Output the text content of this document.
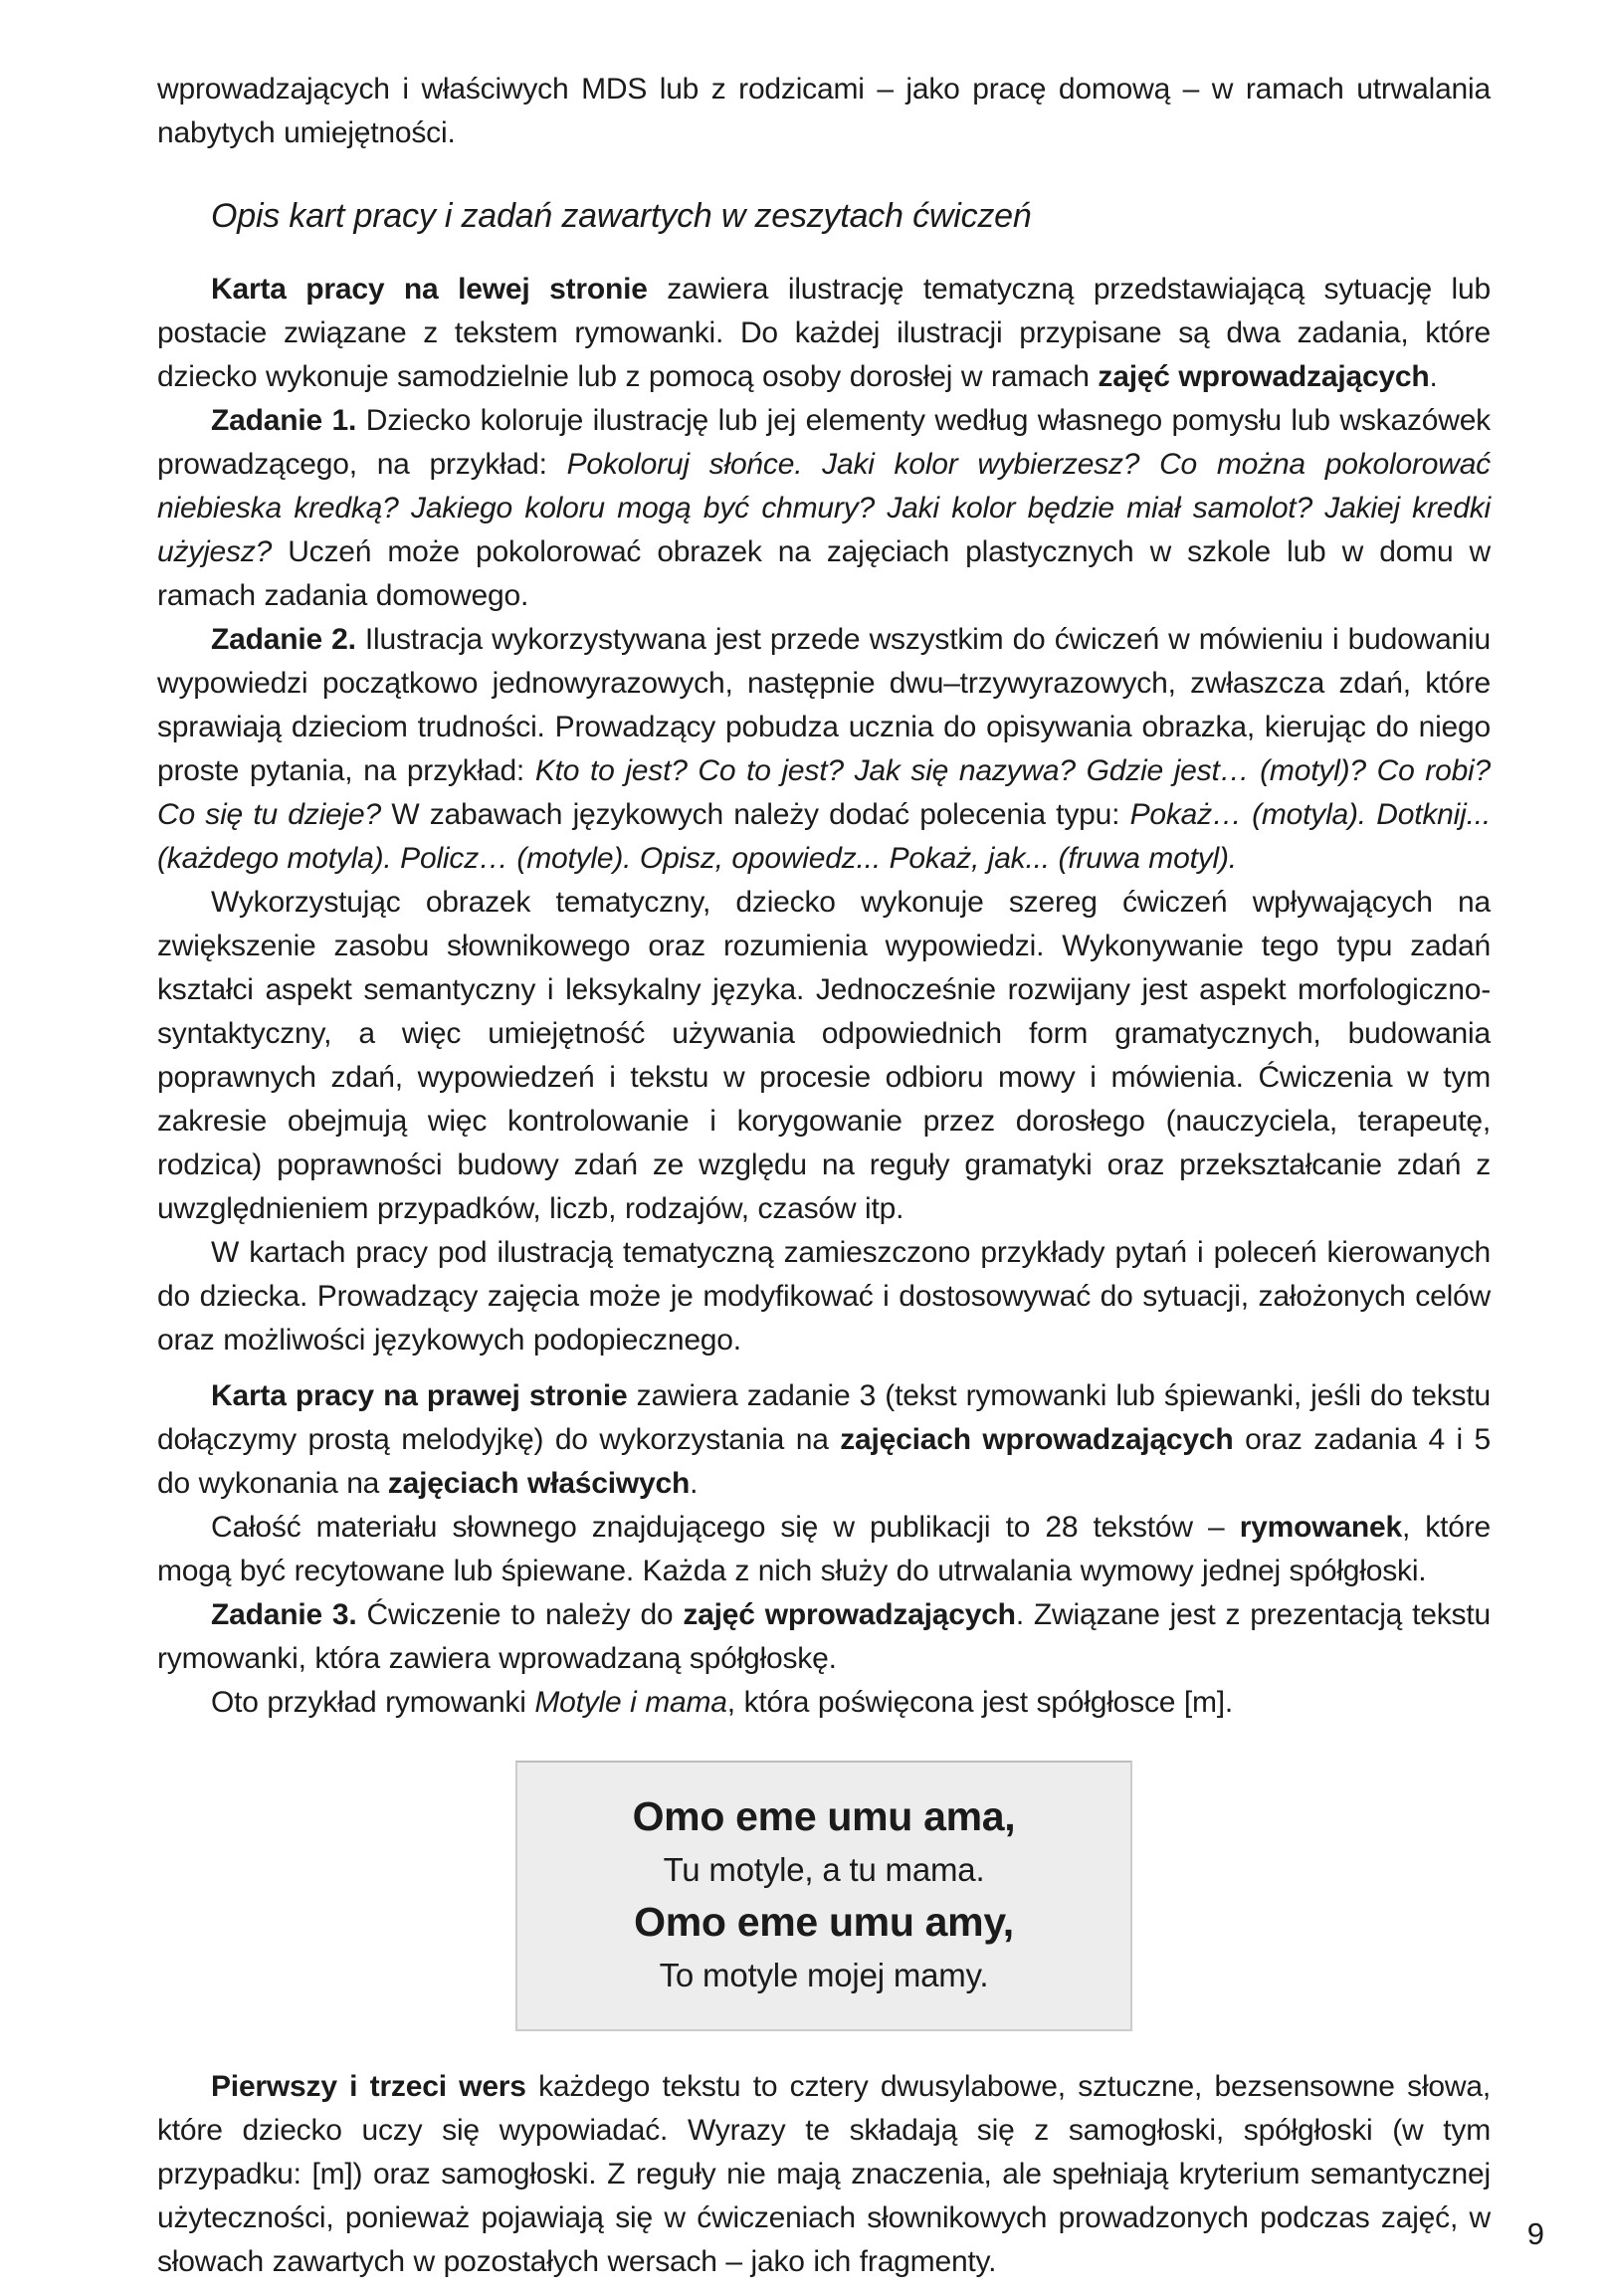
wprowadzających i właściwych MDS lub z rodzicami – jako pracę domową – w ramach utrwalania nabytych umiejętności.

Opis kart pracy i zadań zawartych w zeszytach ćwiczeń

Karta pracy na lewej stronie zawiera ilustrację tematyczną przedstawiającą sytuację lub postacie związane z tekstem rymowanki. Do każdej ilustracji przypisane są dwa zadania, które dziecko wykonuje samodzielnie lub z pomocą osoby dorosłej w ramach zajęć wprowadzających.

Zadanie 1. Dziecko koloruje ilustrację lub jej elementy według własnego pomysłu lub wskazówek prowadzącego, na przykład: Pokoloruj słońce. Jaki kolor wybierzesz? Co można pokolorować niebieska kredką? Jakiego koloru mogą być chmury? Jaki kolor będzie miał samolot? Jakiej kredki użyjesz? Uczeń może pokolorować obrazek na zajęciach plastycznych w szkole lub w domu w ramach zadania domowego.

Zadanie 2. Ilustracja wykorzystywana jest przede wszystkim do ćwiczeń w mówieniu i budowaniu wypowiedzi początkowo jednowyrazowych, następnie dwu–trzywyrazowych, zwłaszcza zdań, które sprawiają dzieciom trudności. Prowadzący pobudza ucznia do opisywania obrazka, kierując do niego proste pytania, na przykład: Kto to jest? Co to jest? Jak się nazywa? Gdzie jest… (motyl)? Co robi? Co się tu dzieje? W zabawach językowych należy dodać polecenia typu: Pokaż… (motyla). Dotknij... (każdego motyla). Policz… (motyle). Opisz, opowiedz... Pokaż, jak... (fruwa motyl).

Wykorzystując obrazek tematyczny, dziecko wykonuje szereg ćwiczeń wpływających na zwiększenie zasobu słownikowego oraz rozumienia wypowiedzi. Wykonywanie tego typu zadań kształci aspekt semantyczny i leksykalny języka. Jednocześnie rozwijany jest aspekt morfologiczno-syntaktyczny, a więc umiejętność używania odpowiednich form gramatycznych, budowania poprawnych zdań, wypowiedzeń i tekstu w procesie odbioru mowy i mówienia. Ćwiczenia w tym zakresie obejmują więc kontrolowanie i korygowanie przez dorosłego (nauczyciela, terapeutę, rodzica) poprawności budowy zdań ze względu na reguły gramatyki oraz przekształcanie zdań z uwzględnieniem przypadków, liczb, rodzajów, czasów itp.

W kartach pracy pod ilustracją tematyczną zamieszczono przykłady pytań i poleceń kierowanych do dziecka. Prowadzący zajęcia może je modyfikować i dostosowywać do sytuacji, założonych celów oraz możliwości językowych podopiecznego.

Karta pracy na prawej stronie zawiera zadanie 3 (tekst rymowanki lub śpiewanki, jeśli do tekstu dołączymy prostą melodyjkę) do wykorzystania na zajęciach wprowadzających oraz zadania 4 i 5 do wykonania na zajęciach właściwych.

Całość materiału słownego znajdującego się w publikacji to 28 tekstów – rymowanek, które mogą być recytowane lub śpiewane. Każda z nich służy do utrwalania wymowy jednej spółgłoski.

Zadanie 3. Ćwiczenie to należy do zajęć wprowadzających. Związane jest z prezentacją tekstu rymowanki, która zawiera wprowadzaną spółgłoskę.

Oto przykład rymowanki Motyle i mama, która poświęcona jest spółgłosce [m].

Omo eme umu ama,
Tu motyle, a tu mama.
Omo eme umu amy,
To motyle mojej mamy.

Pierwszy i trzeci wers każdego tekstu to cztery dwusylabowe, sztuczne, bezsensowne słowa, które dziecko uczy się wypowiadać. Wyrazy te składają się z samogłoski, spółgłoski (w tym przypadku: [m]) oraz samogłoski. Z reguły nie mają znaczenia, ale spełniają kryterium semantycznej użyteczności, ponieważ pojawiają się w ćwiczeniach słownikowych prowadzonych podczas zajęć, w słowach zawartych w pozostałych wersach – jako ich fragmenty.

9
